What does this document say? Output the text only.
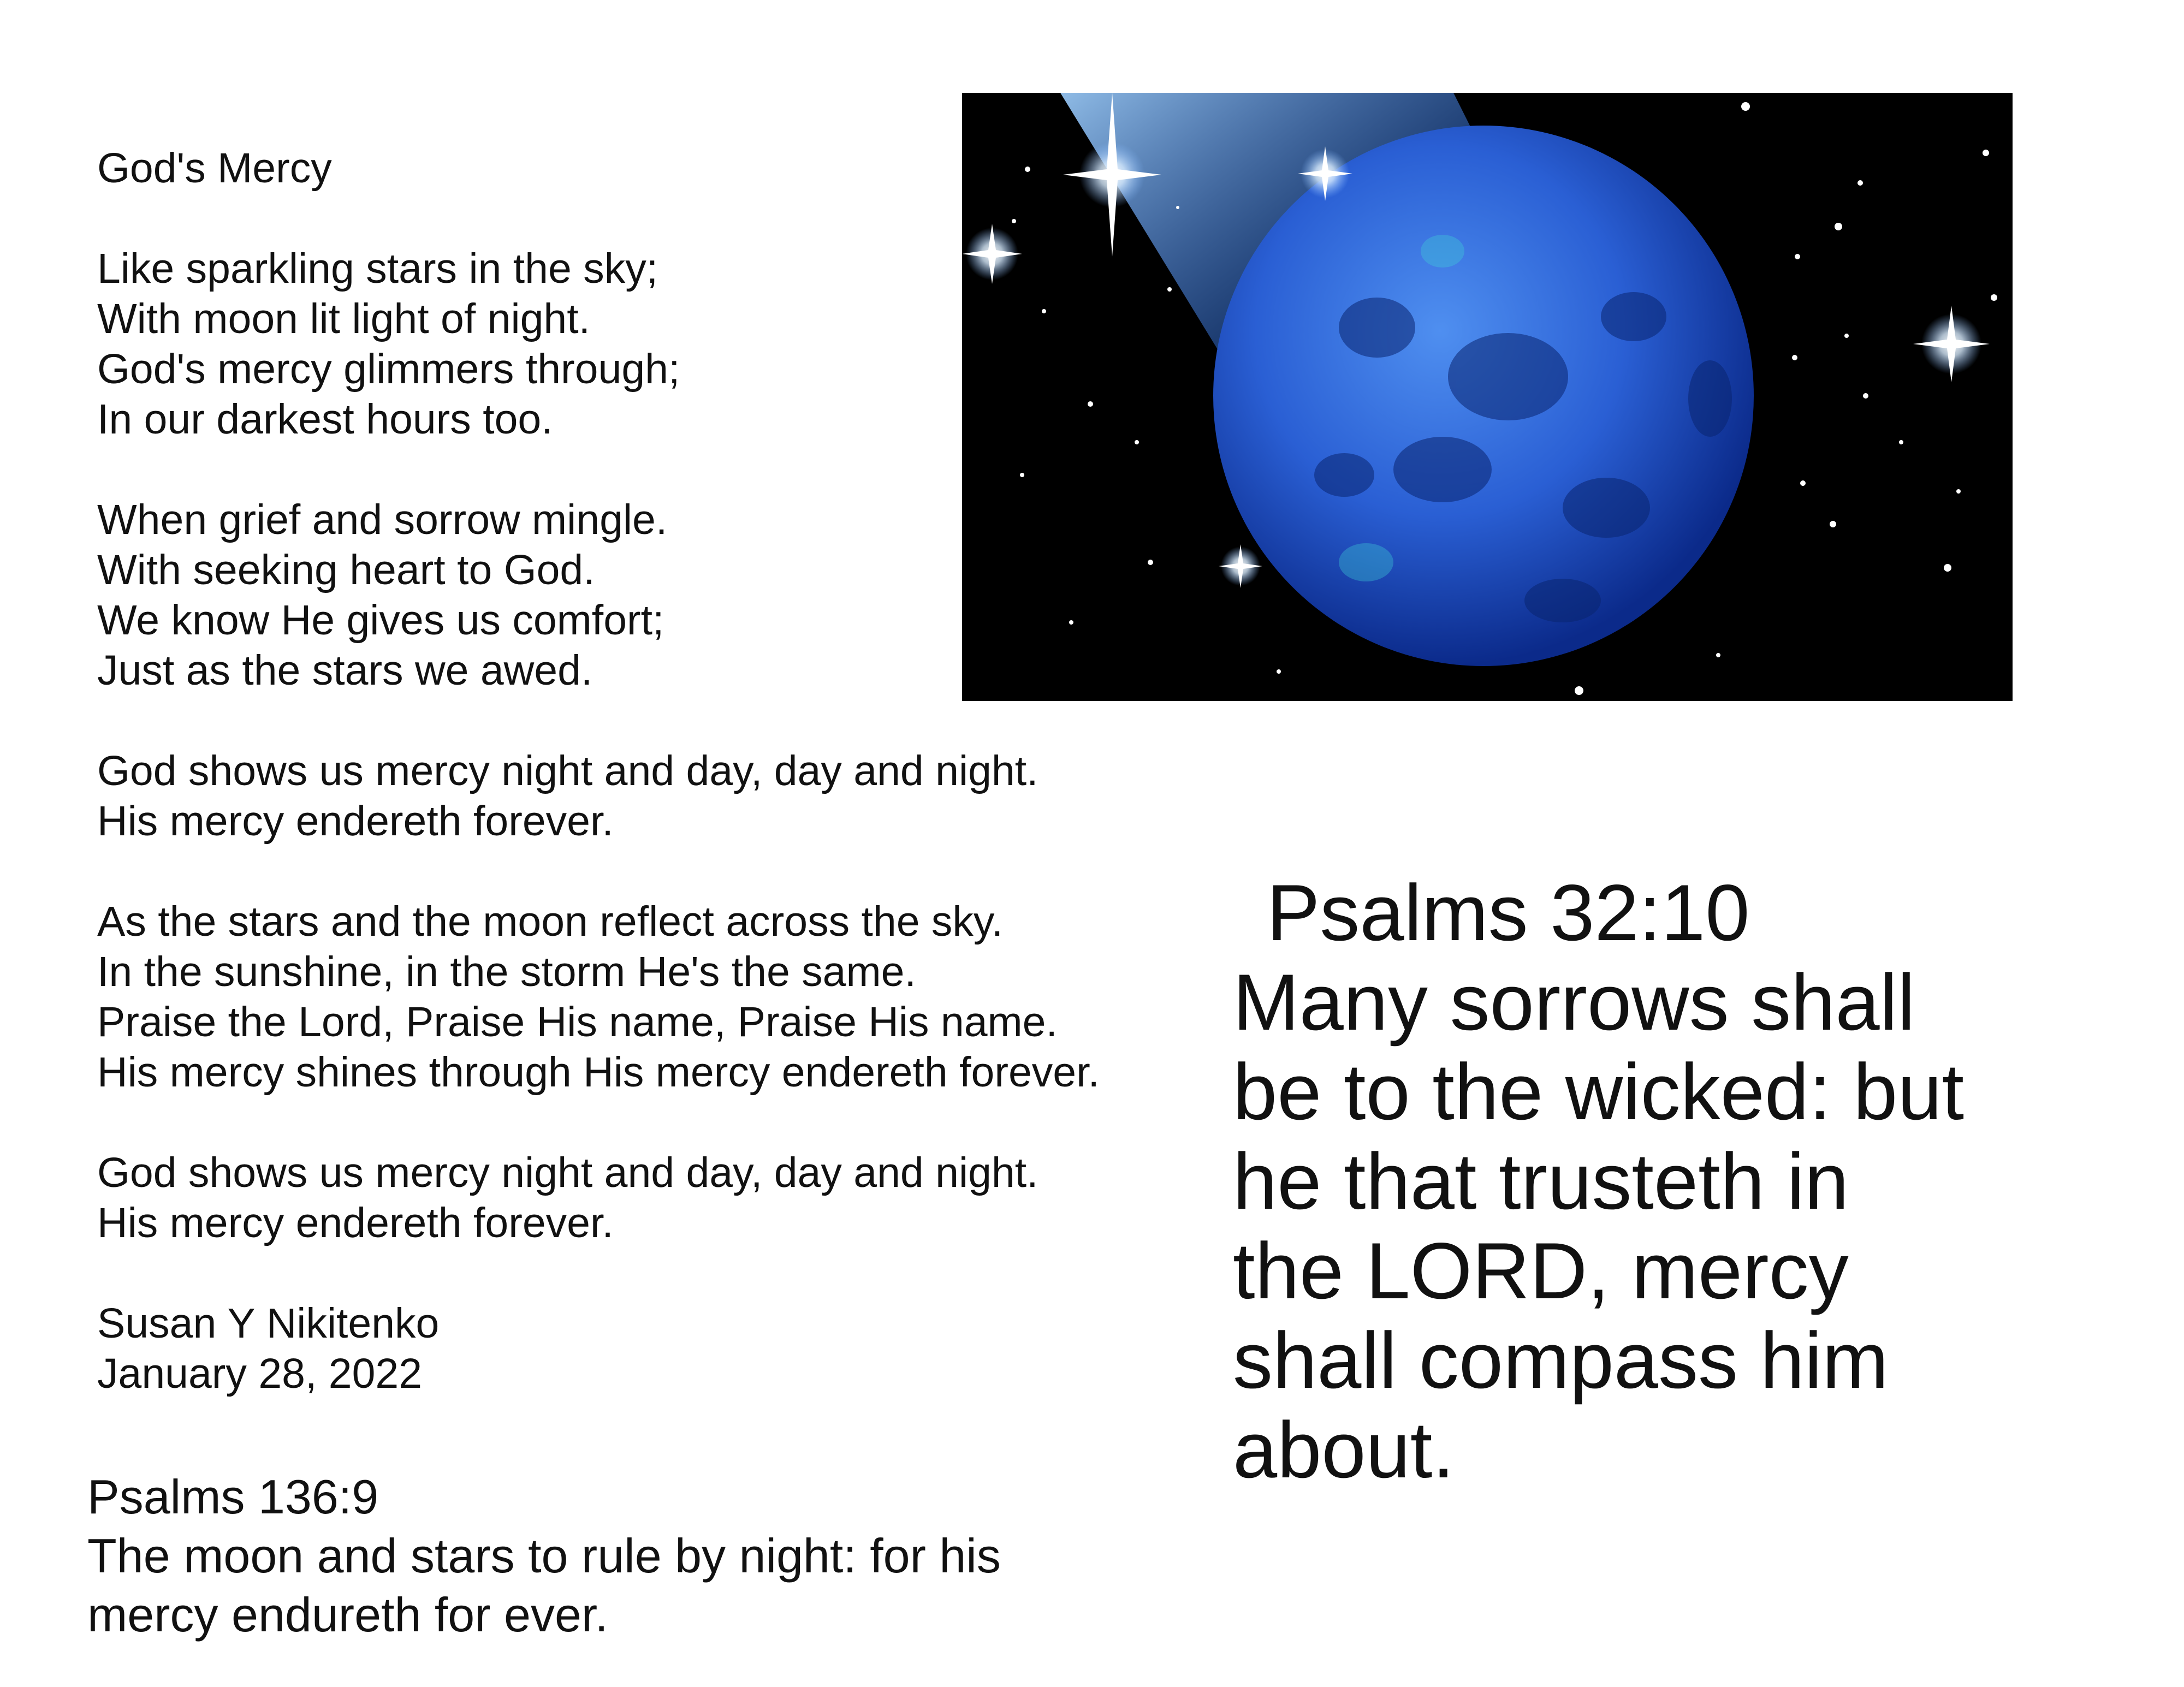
God's Mercy
Like sparkling stars in the sky;
With moon lit light of night.
God's mercy glimmers through;
In our darkest hours too.
When grief and sorrow mingle.
With seeking heart to God.
We know He gives us comfort;
Just as the stars we awed.
God shows us mercy night and day, day and night.
His mercy endereth forever.
As the stars and the moon reflect across the sky.
In the sunshine, in the storm He's the same.
Praise the Lord, Praise His name, Praise His name.
His mercy shines through His mercy endereth forever.
God shows us mercy night and day, day and night.
His mercy endereth forever.
Susan Y Nikitenko
January 28, 2022
Psalms 136:9
The moon and stars to rule by night: for his
mercy endureth for ever.
Psalms 32:10
Many sorrows shall
be to the wicked: but
he that trusteth in
the LORD, mercy
shall compass him
about.
